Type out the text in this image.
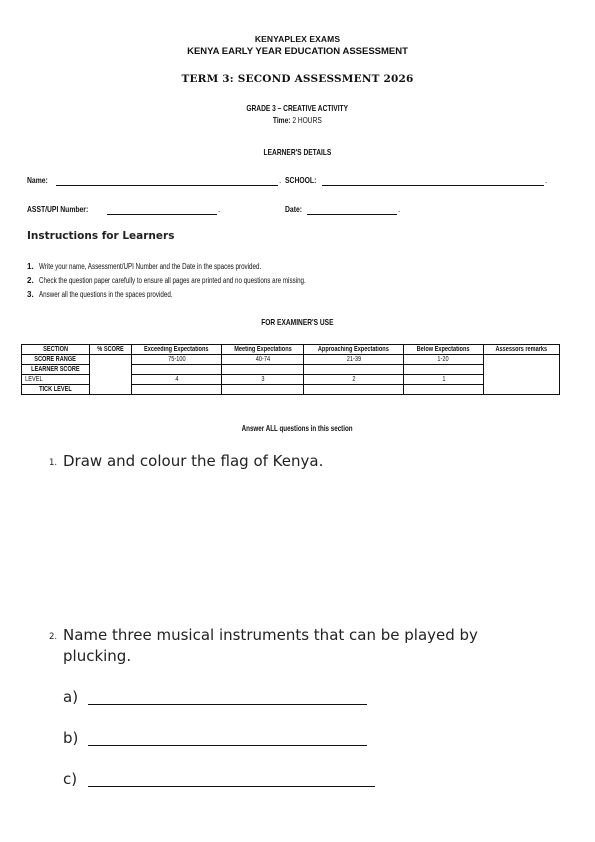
KENYAPLEX EXAMS
KENYA EARLY YEAR EDUCATION ASSESSMENT
TERM 3: SECOND ASSESSMENT 2026
GRADE 3 – CREATIVE ACTIVITY
Time: 2 HOURS
LEARNER'S DETAILS
Name:	. SCHOOL:	.
ASST/UPI Number:	.	Date:	.
Instructions for Learners
1. Write your name, Assessment/UPI Number and the Date in the spaces provided.
2. Check the question paper carefully to ensure all pages are printed and no questions are missing.
3. Answer all the questions in the spaces provided.
FOR EXAMINER'S USE
SECTION	% SCORE	Exceeding Expectations	Meeting Expectations	Approaching Expectations	Below Expectations	Assessors remarks
SCORE RANGE		75-100	40-74	21-39	1-20	
LEARNER SCORE						
LEVEL		4	3	2	1	
TICK LEVEL						
Answer ALL questions in this section
1. Draw and colour the flag of Kenya.
2. Name three musical instruments that can be played by
plucking.
a)
b)
c)
